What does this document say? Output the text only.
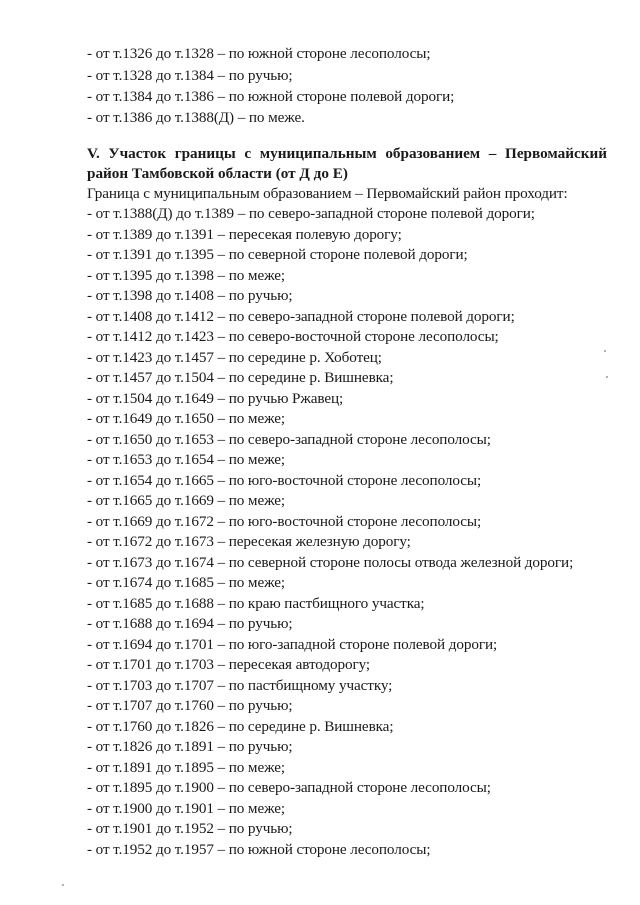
- от т.1326 до т.1328 – по южной стороне лесополосы;
- от т.1328 до т.1384 – по ручью;
- от т.1384 до т.1386 – по южной стороне полевой дороги;
- от т.1386 до т.1388(Д) – по меже.
V. Участок границы с муниципальным образованием – Первомайский
район Тамбовской области (от Д до Е)
Граница с муниципальным образованием – Первомайский район проходит:
- от т.1388(Д) до т.1389 – по северо-западной стороне полевой дороги;
- от т.1389 до т.1391 – пересекая полевую дорогу;
- от т.1391 до т.1395 – по северной стороне полевой дороги;
- от т.1395 до т.1398 – по меже;
- от т.1398 до т.1408 – по ручью;
- от т.1408 до т.1412 – по северо-западной стороне полевой дороги;
- от т.1412 до т.1423 – по северо-восточной стороне лесополосы;
- от т.1423 до т.1457 – по середине р. Хоботец;
- от т.1457 до т.1504 – по середине р. Вишневка;
- от т.1504 до т.1649 – по ручью Ржавец;
- от т.1649 до т.1650 – по меже;
- от т.1650 до т.1653 – по северо-западной стороне лесополосы;
- от т.1653 до т.1654 – по меже;
- от т.1654 до т.1665 – по юго-восточной стороне лесополосы;
- от т.1665 до т.1669 – по меже;
- от т.1669 до т.1672 – по юго-восточной стороне лесополосы;
- от т.1672 до т.1673 – пересекая железную дорогу;
- от т.1673 до т.1674 – по северной стороне полосы отвода железной дороги;
- от т.1674 до т.1685 – по меже;
- от т.1685 до т.1688 – по краю пастбищного участка;
- от т.1688 до т.1694 – по ручью;
- от т.1694 до т.1701 – по юго-западной стороне полевой дороги;
- от т.1701 до т.1703 – пересекая автодорогу;
- от т.1703 до т.1707 – по пастбищному участку;
- от т.1707 до т.1760 – по ручью;
- от т.1760 до т.1826 – по середине р. Вишневка;
- от т.1826 до т.1891 – по ручью;
- от т.1891 до т.1895 – по меже;
- от т.1895 до т.1900 – по северо-западной стороне лесополосы;
- от т.1900 до т.1901 – по меже;
- от т.1901 до т.1952 – по ручью;
- от т.1952 до т.1957 – по южной стороне лесополосы;
